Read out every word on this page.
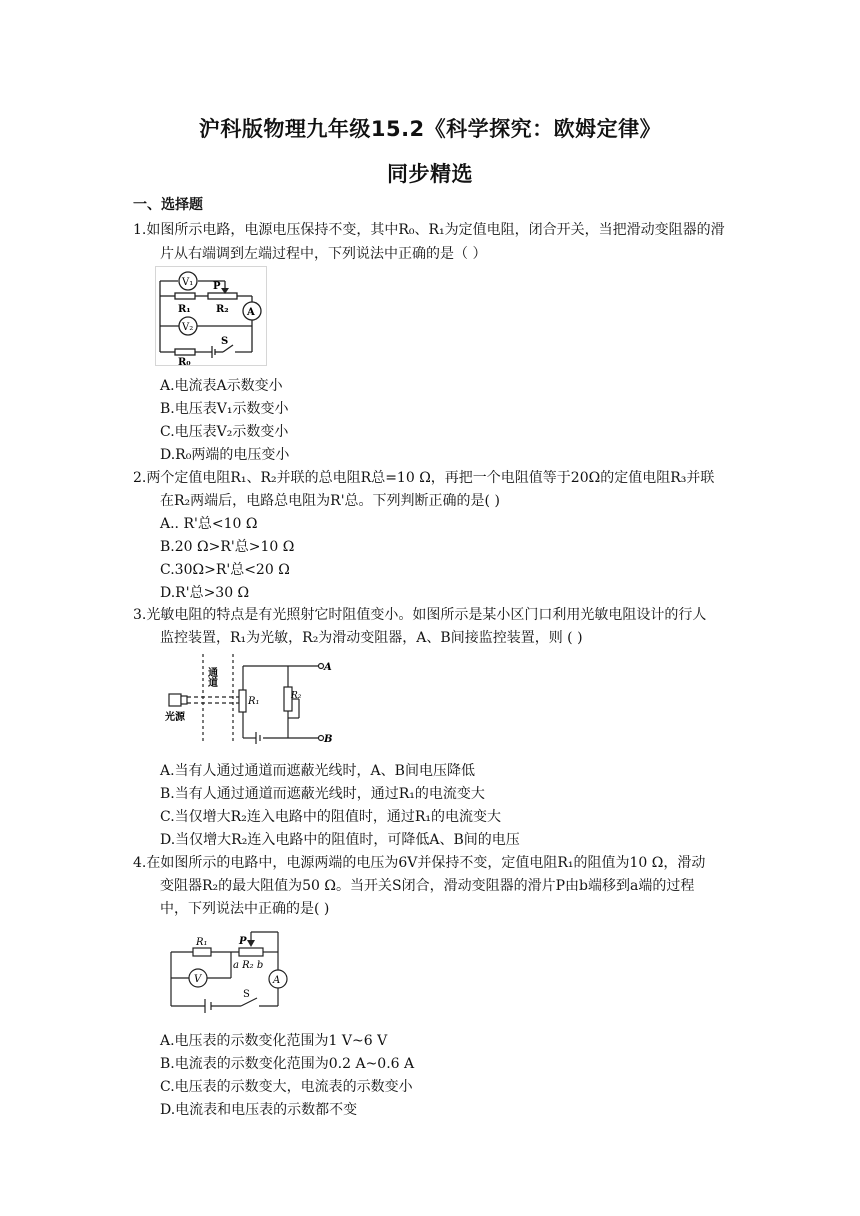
沪科版物理九年级15.2《科学探究：欧姆定律》
同步精选
一、选择题
1.如图所示电路，电源电压保持不变，其中R₀、R₁为定值电阻，闭合开关，当把滑动变阻器的滑
片从右端调到左端过程中，下列说法中正确的是（ ）
V₁
V₂
A
P
R₁	R₂
S
R₀
A.电流表A示数变小
B.电压表V₁示数变小
C.电压表V₂示数变小
D.R₀两端的电压变小
2.两个定值电阻R₁、R₂并联的总电阻R总=10 Ω，再把一个电阻值等于20Ω的定值电阻R₃并联
在R₂两端后，电路总电阻为R'总。下列判断正确的是( )
A.. R'总<10 Ω
B.20 Ω>R'总>10 Ω
C.30Ω>R'总<20 Ω
D.R'总>30 Ω
3.光敏电阻的特点是有光照射它时阻值变小。如图所示是某小区门口利用光敏电阻设计的行人
监控装置，R₁为光敏，R₂为滑动变阻器，A、B间接监控装置，则 ( )
通道
光源
R₁	R₂
A
B
A.当有人通过通道而遮蔽光线时，A、B间电压降低
B.当有人通过通道而遮蔽光线时，通过R₁的电流变大
C.当仅增大R₂连入电路中的阻值时，通过R₁的电流变大
D.当仅增大R₂连入电路中的阻值时，可降低A、B间的电压
4.在如图所示的电路中，电源两端的电压为6V并保持不变，定值电阻R₁的阻值为10 Ω，滑动
变阻器R₂的最大阻值为50 Ω。当开关S闭合，滑动变阻器的滑片P由b端移到a端的过程
中，下列说法中正确的是( )
R₁	P
a R₂ b
V	A
S
A.电压表的示数变化范围为1 V~6 V
B.电流表的示数变化范围为0.2 A~0.6 A
C.电压表的示数变大，电流表的示数变小
D.电流表和电压表的示数都不变
